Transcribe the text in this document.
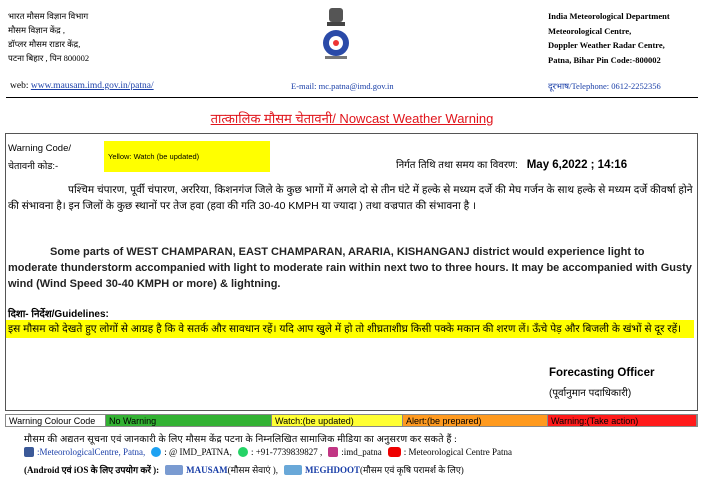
भारत मौसम विज्ञान विभाग
मौसम विज्ञान केंद्र ,
डॉप्लर मौसम राडार केंद्र,
पटना बिहार , पिन 800002
India Meteorological Department
Meteorological Centre,
Doppler Weather Radar Centre,
Patna, Bihar Pin Code:-800002
web: www.mausam.imd.gov.in/patna/	E-mail: mc.patna@imd.gov.in	दूरभाष/Telephone: 0612-2252356
तात्कालिक मौसम चेतावनी/ Nowcast Weather Warning
Warning Code/
चेतावनी कोड:-
Yellow: Watch (be updated)
निर्गत तिथि तथा समय का विवरण: May 6,2022 ; 14:16
पश्चिम चंपारण, पूर्वी चंपारण, अररिया, किशनगंज जिले के कुछ भागों में अगले दो से तीन घंटे में हल्के से मध्यम दर्जे की मेघ गर्जन के साथ हल्के से मध्यम दर्जे कीवर्षा होने की संभावना है। इन जिलों के कुछ स्थानों पर तेज हवा (हवा की गति 30-40 KMPH या ज्यादा ) तथा वज्रपात की संभावना है ।
Some parts of WEST CHAMPARAN, EAST CHAMPARAN, ARARIA, KISHANGANJ district would experience light to moderate thunderstorm accompanied with light to moderate rain within next two to three hours. It may be accompanied with Gusty wind (Wind Speed 30-40 KMPH or more) & lightning.
दिशा- निर्देश/Guidelines:
इस मौसम को देखते हुए लोगों से आग्रह है कि वे सतर्क और सावधान रहें। यदि आप खुले में हो तो शीघ्रताशीघ्र किसी पक्के मकान की शरण लें। ऊँचे पेड़ और बिजली के खंभों से दूर रहें।
Forecasting Officer
(पूर्वानुमान पदाधिकारी)
Warning Colour Code	No Warning	Watch:(be updated)	Alert:(be prepared)	Warning:(Take action)
मौसम की अद्यतन सूचना एवं जानकारी के लिए मौसम केंद्र पटना के निम्नलिखित सामाजिक मीडिया का अनुसरण कर सकते हैं :
:MeteorologicalCentre, Patna, : @ IMD_PATNA, : +91-7739839827 , :imd_patna : Meteorological Centre Patna
(Android एवं iOS के लिए उपयोग करें ):	MAUSAM (मौसम सेवाएं ),	MEGHDOOT (मौसम एवं कृषि परामर्श के लिए)
